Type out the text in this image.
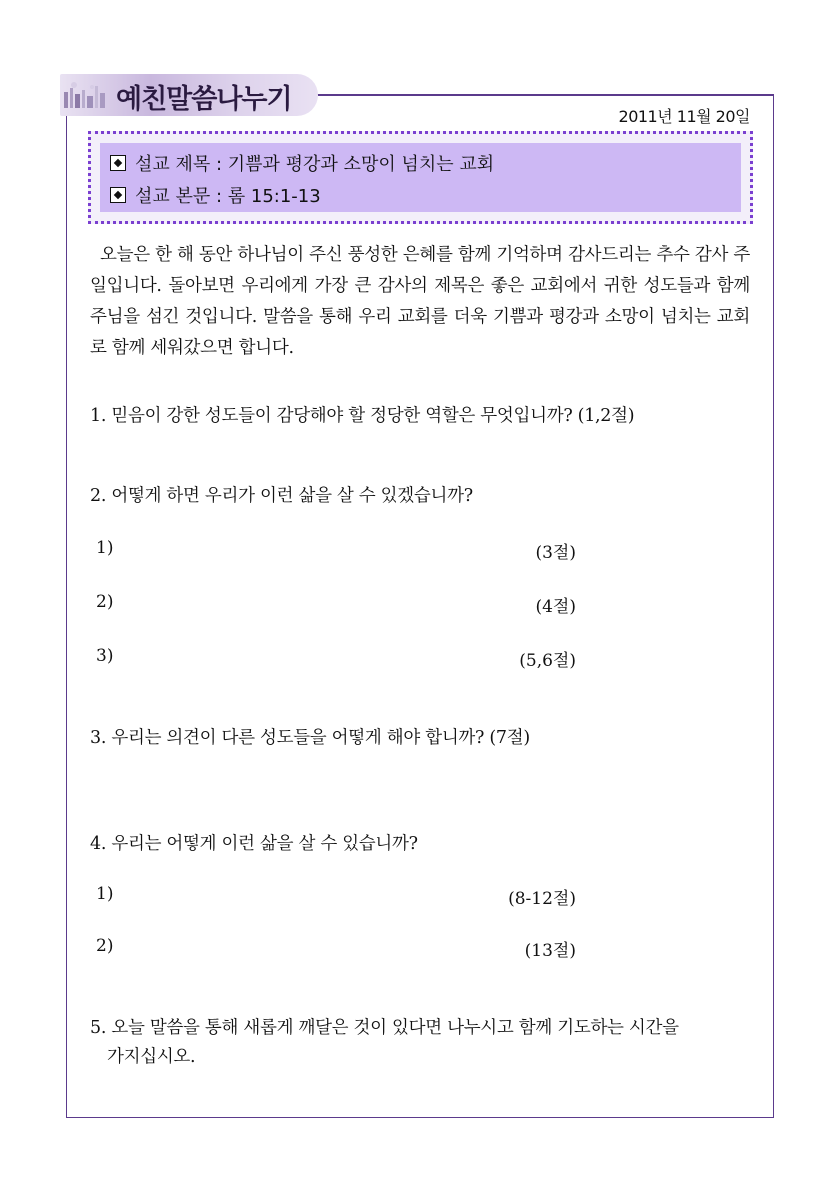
예친말씀나누기
2011년 11월 20일
설교 제목 : 기쁨과 평강과 소망이 넘치는 교회
설교 본문 : 롬 15:1-13
오늘은 한 해 동안 하나님이 주신 풍성한 은혜를 함께 기억하며 감사드리는 추수 감사 주일입니다. 돌아보면 우리에게 가장 큰 감사의 제목은 좋은 교회에서 귀한 성도들과 함께 주님을 섬긴 것입니다. 말씀을 통해 우리 교회를 더욱 기쁨과 평강과 소망이 넘치는 교회로 함께 세워갔으면 합니다.
1. 믿음이 강한 성도들이 감당해야 할 정당한 역할은 무엇입니까? (1,2절)
2. 어떻게 하면 우리가 이런 삶을 살 수 있겠습니까?
1)	(3절)
2)	(4절)
3)	(5,6절)
3. 우리는 의견이 다른 성도들을 어떻게 해야 합니까? (7절)
4. 우리는 어떻게 이런 삶을 살 수 있습니까?
1)	(8-12절)
2)	(13절)
5. 오늘 말씀을 통해 새롭게 깨달은 것이 있다면 나누시고 함께 기도하는 시간을
가지십시오.
